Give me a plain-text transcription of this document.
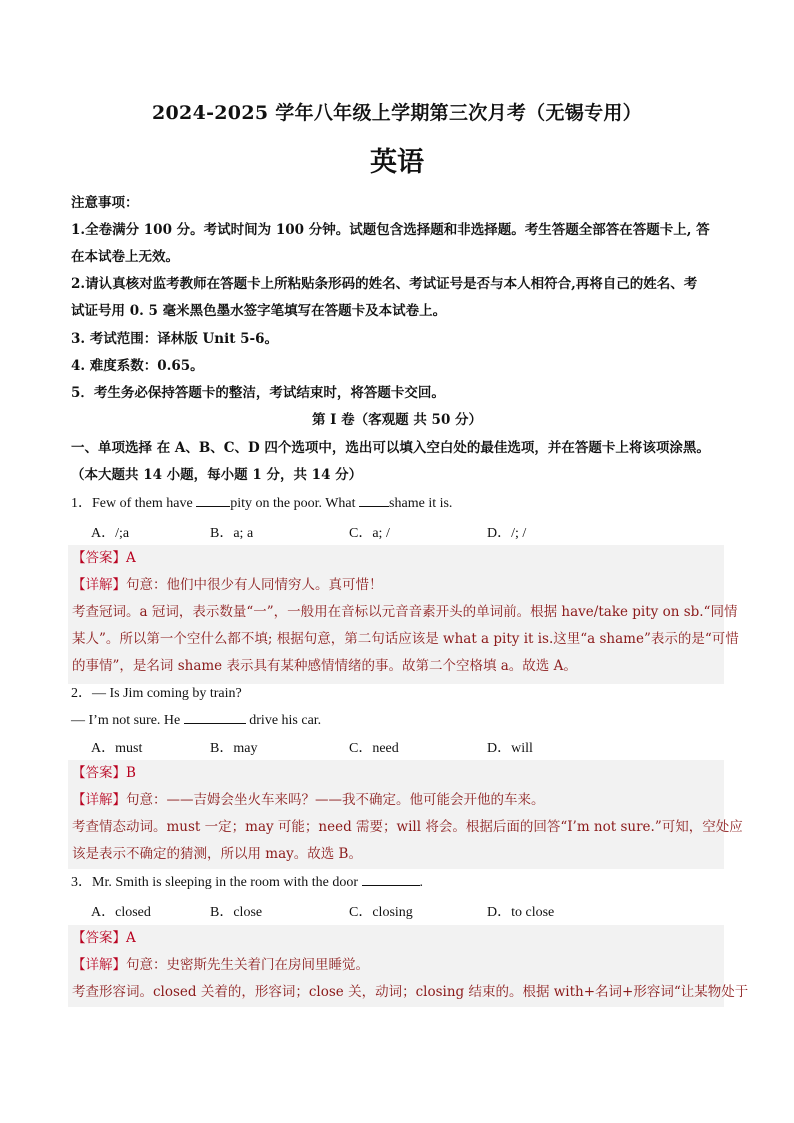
2024-2025 学年八年级上学期第三次月考（无锡专用）
英语
注意事项：
1.全卷满分 100 分。考试时间为 100 分钟。试题包含选择题和非选择题。考生答题全部答在答题卡上, 答
在本试卷上无效。
2.请认真核对监考教师在答题卡上所粘贴条形码的姓名、考试证号是否与本人相符合,再将自己的姓名、考
试证号用 0. 5 毫米黑色墨水签字笔填写在答题卡及本试卷上。
3. 考试范围：译林版 Unit 5-6。
4. 难度系数：0.65。
5．考生务必保持答题卡的整洁，考试结束时，将答题卡交回。
第 I 卷（客观题 共 50 分）
一、单项选择 在 A、B、C、D 四个选项中，选出可以填入空白处的最佳选项，并在答题卡上将该项涂黑。
（本大题共 14 小题，每小题 1 分，共 14 分）
1．Few of them have pity on the poor. What shame it is.
A．/;a	B．a; a	C．a; /	D．/; /
【答案】A
【详解】句意：他们中很少有人同情穷人。真可惜！
考查冠词。a 冠词，表示数量“一”，一般用在音标以元音音素开头的单词前。根据 have/take pity on sb.“同情
某人”。所以第一个空什么都不填; 根据句意，第二句话应该是 what a pity it is.这里“a shame”表示的是“可惜
的事情”，是名词 shame 表示具有某种感情情绪的事。故第二个空格填 a。故选 A。
2．— Is Jim coming by train?
— I’m not sure. He	drive his car.
A．must	B．may	C．need	D．will
【答案】B
【详解】句意：——吉姆会坐火车来吗？——我不确定。他可能会开他的车来。
考查情态动词。must 一定；may 可能；need 需要；will 将会。根据后面的回答“I’m not sure.”可知，空处应
该是表示不确定的猜测，所以用 may。故选 B。
3．Mr. Smith is sleeping in the room with the door	.
A．closed	B．close	C．closing	D．to close
【答案】A
【详解】句意：史密斯先生关着门在房间里睡觉。
考查形容词。closed 关着的，形容词；close 关，动词；closing 结束的。根据 with+名词+形容词“让某物处于
